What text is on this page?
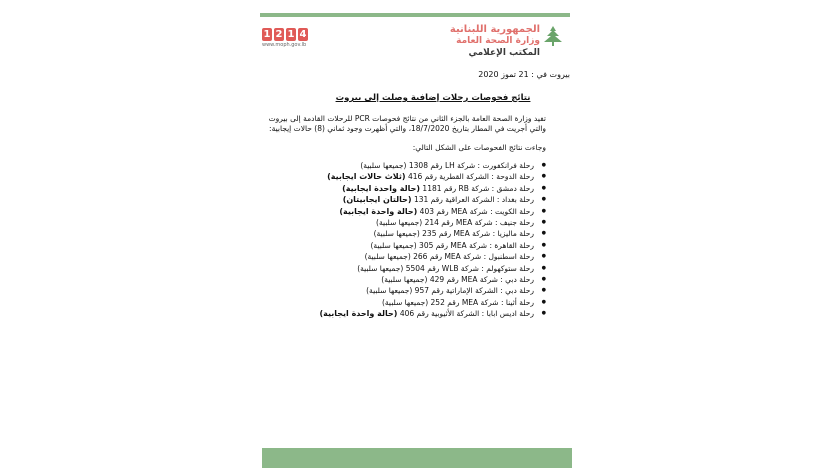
1 2 1 4
www.moph.gov.lb
الجمهورية اللبنانية
وزارة الصحة العامة
المكتب الإعلامي
بيروت في : 21 تموز 2020
نتائج فحوصات رحلات إضافية وصلت إلى بيروت
تفيد وزارة الصحة العامة بالجزء الثاني من نتائج فحوصات PCR للرحلات القادمة إلى بيروت
والتي أجريت في المطار بتاريخ 18/7/2020، والتي أظهرت وجود ثماني (8) حالات إيجابية:
وجاءت نتائج الفحوصات على الشكل التالي:
● رحلة فرانكفورت : شركة LH رقم 1308 (جميعها سلبية)
● رحلة الدوحة : الشركة القطرية رقم 416 (ثلاث حالات ايجابية)
● رحلة دمشق : شركة RB رقم 1181 (حالة واحدة ايجابية)
● رحلة بغداد : الشركة العراقية رقم 131 (حالتان ايجابيتان)
● رحلة الكويت : شركة MEA رقم 403 (حالة واحدة ايجابية)
● رحلة جنيف : شركة MEA رقم 214 (جميعها سلبية)
● رحلة ماليزيا : شركة MEA رقم 235 (جميعها سلبية)
● رحلة القاهرة : شركة MEA رقم 305 (جميعها سلبية)
● رحلة اسطنبول : شركة MEA رقم 266 (جميعها سلبية)
● رحلة ستوكهولم : شركة WLB رقم 5504 (جميعها سلبية)
● رحلة دبي : شركة MEA رقم 429 (جميعها سلبية)
● رحلة دبي : الشركة الإماراتية رقم 957 (جميعها سلبية)
● رحلة أثينا : شركة MEA رقم 252 (جميعها سلبية)
● رحلة اديس ابابا : الشركة الأثيوبية رقم 406 (حالة واحدة ايجابية)
